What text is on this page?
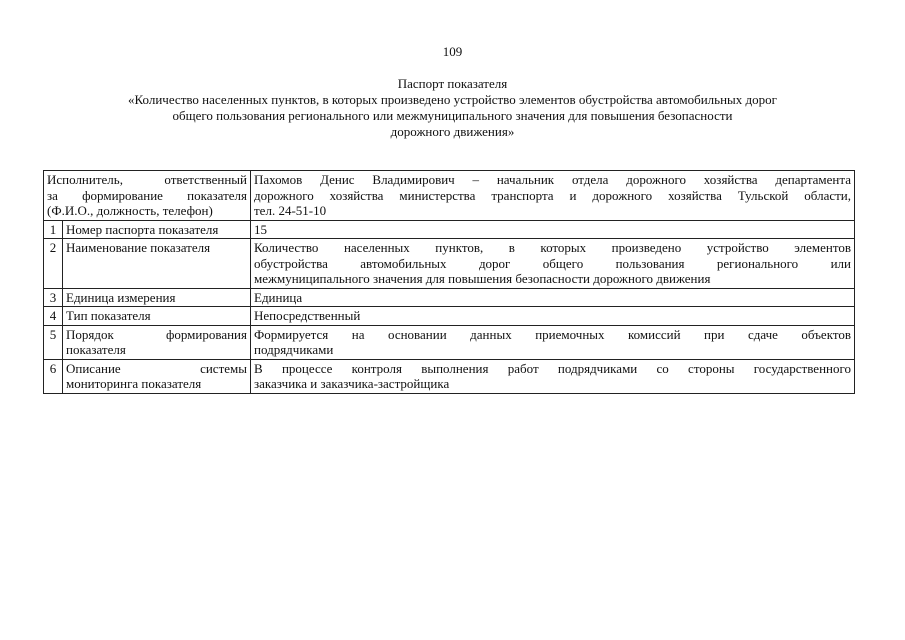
109
Паспорт показателя
«Количество населенных пунктов, в которых произведено устройство элементов обустройства автомобильных дорог
общего пользования регионального или межмуниципального значения для повышения безопасности
дорожного движения»
Исполнитель, ответственный
за формирование показателя
(Ф.И.О., должность, телефон)		Пахомов Денис Владимирович – начальник отдела дорожного хозяйства департамента
дорожного хозяйства министерства транспорта и дорожного хозяйства Тульской области,
тел. 24-51-10

1	Номер паспорта показателя	15
2	Наименование показателя	Количество населенных пунктов, в которых произведено устройство элементов
обустройства автомобильных дорог общего пользования регионального или
межмуниципального значения для повышения безопасности дорожного движения

3	Единица измерения	Единица
4	Тип показателя	Непосредственный
5	Порядок формирования
показателя	Формируется на основании данных приемочных комиссий при сдаче объектов
подрядчиками

6	Описание системы
мониторинга показателя	В процессе контроля выполнения работ подрядчиками со стороны государственного
заказчика и заказчика-застройщика
